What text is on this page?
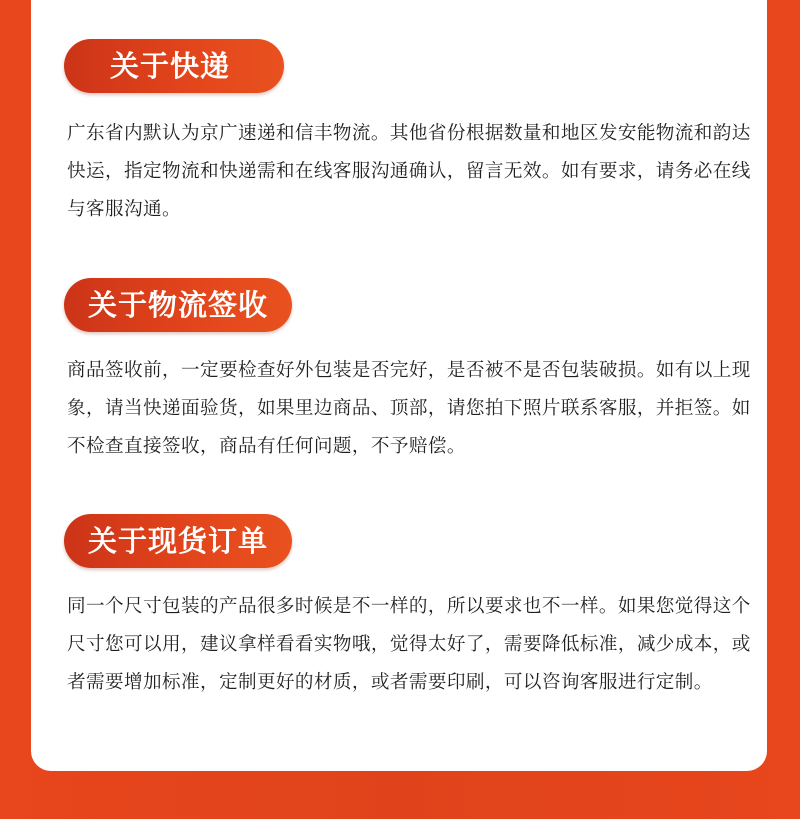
关于快递
广东省内默认为京广速递和信丰物流。其他省份根据数量和地区发安能物流和韵达快运，指定物流和快递需和在线客服沟通确认，留言无效。如有要求，请务必在线与客服沟通。
关于物流签收
商品签收前，一定要检查好外包装是否完好，是否被不是否包装破损。如有以上现象，请当快递面验货，如果里边商品、顶部，请您拍下照片联系客服，并拒签。如不检查直接签收，商品有任何问题，不予赔偿。
关于现货订单
同一个尺寸包装的产品很多时候是不一样的，所以要求也不一样。如果您觉得这个尺寸您可以用，建议拿样看看实物哦，觉得太好了，需要降低标准，减少成本，或者需要增加标准，定制更好的材质，或者需要印刷，可以咨询客服进行定制。
